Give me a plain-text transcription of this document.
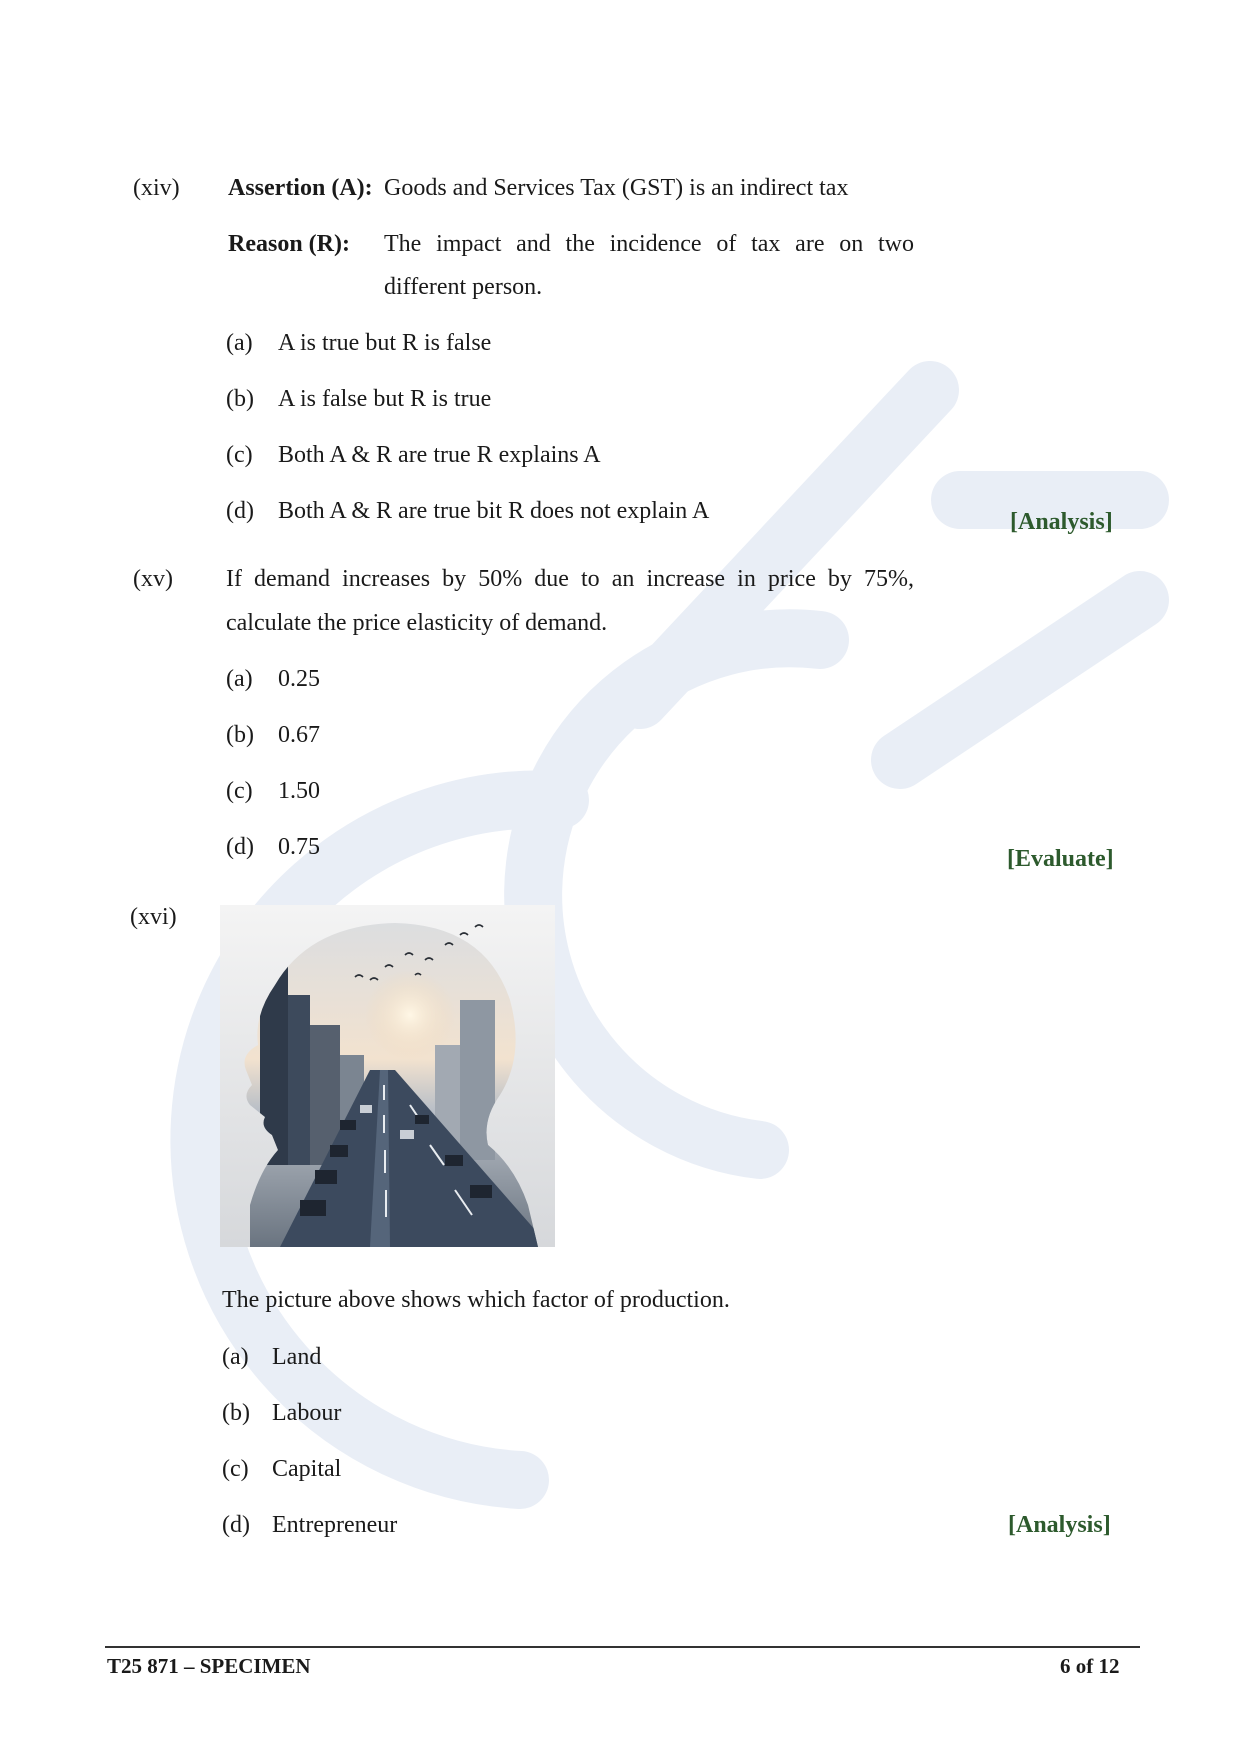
(xiv) Assertion (A): Goods and Services Tax (GST) is an indirect tax
Reason (R): The impact and the incidence of tax are on two
different person.
(a) A is true but R is false
(b) A is false but R is true
(c) Both A & R are true R explains A
(d) Both A & R are true bit R does not explain A	[Analysis]
(xv) If demand increases by 50% due to an increase in price by 75%,
calculate the price elasticity of demand.
(a) 0.25
(b) 0.67
(c) 1.50
(d) 0.75	[Evaluate]
(xvi)
The picture above shows which factor of production.
(a) Land
(b) Labour
(c) Capital
(d) Entrepreneur	[Analysis]
T25 871 – SPECIMEN	6 of 12
